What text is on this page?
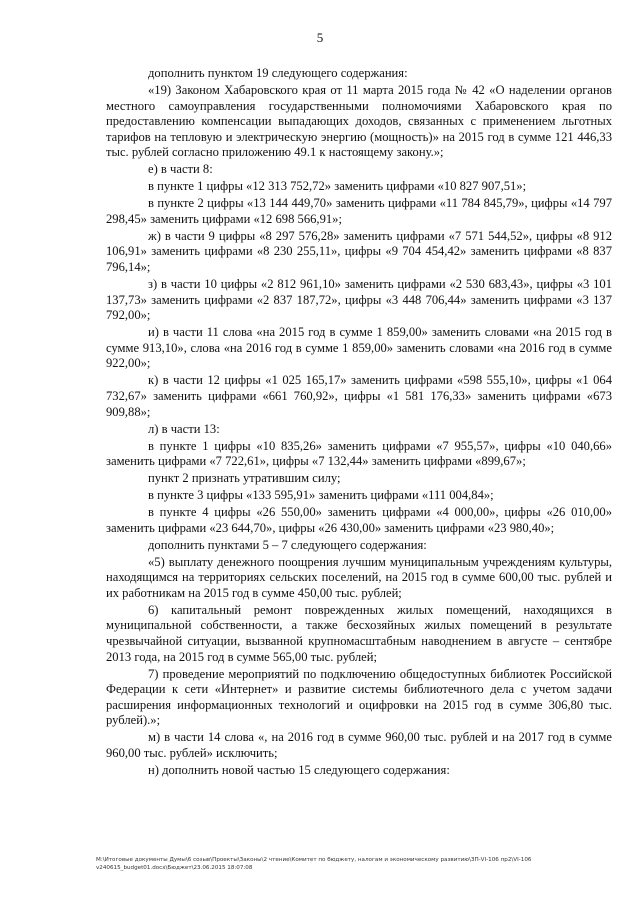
5

дополнить пунктом 19 следующего содержания:

«19) Законом Хабаровского края от 11 марта 2015 года № 42 «О наделении органов местного самоуправления государственными полномочиями Хабаровского края по предоставлению компенсации выпадающих доходов, связанных с применением льготных тарифов на тепловую и электрическую энергию (мощность)» на 2015 год в сумме 121 446,33 тыс. рублей согласно приложению 49.1 к настоящему закону.»;

е) в части 8:

в пункте 1 цифры «12 313 752,72» заменить цифрами «10 827 907,51»;

в пункте 2 цифры «13 144 449,70» заменить цифрами «11 784 845,79», цифры «14 797 298,45» заменить цифрами «12 698 566,91»;

ж) в части 9 цифры «8 297 576,28» заменить цифрами «7 571 544,52», цифры «8 912 106,91» заменить цифрами «8 230 255,11», цифры «9 704 454,42» заменить цифрами «8 837 796,14»;

з) в части 10 цифры «2 812 961,10» заменить цифрами «2 530 683,43», цифры «3 101 137,73» заменить цифрами «2 837 187,72», цифры «3 448 706,44» заменить цифрами «3 137 792,00»;

и) в части 11 слова «на 2015 год в сумме 1 859,00» заменить словами «на 2015 год в сумме 913,10», слова «на 2016 год в сумме 1 859,00» заменить словами «на 2016 год в сумме 922,00»;

к) в части 12 цифры «1 025 165,17» заменить цифрами «598 555,10», цифры «1 064 732,67» заменить цифрами «661 760,92», цифры «1 581 176,33» заменить цифрами «673 909,88»;

л) в части 13:

в пункте 1 цифры «10 835,26» заменить цифрами «7 955,57», цифры «10 040,66» заменить цифрами «7 722,61», цифры «7 132,44» заменить цифрами «899,67»;

пункт 2 признать утратившим силу;

в пункте 3 цифры «133 595,91» заменить цифрами «111 004,84»;

в пункте 4 цифры «26 550,00» заменить цифрами «4 000,00», цифры «26 010,00» заменить цифрами «23 644,70», цифры «26 430,00» заменить цифрами «23 980,40»;

дополнить пунктами 5 – 7 следующего содержания:

«5) выплату денежного поощрения лучшим муниципальным учреждениям культуры, находящимся на территориях сельских поселений, на 2015 год в сумме 600,00 тыс. рублей и их работникам на 2015 год в сумме 450,00 тыс. рублей;

6) капитальный ремонт поврежденных жилых помещений, находящихся в муниципальной собственности, а также бесхозяйных жилых помещений в результате чрезвычайной ситуации, вызванной крупномасштабным наводнением в августе – сентябре 2013 года, на 2015 год в сумме 565,00 тыс. рублей;

7) проведение мероприятий по подключению общедоступных библиотек Российской Федерации к сети «Интернет» и развитие системы библиотечного дела с учетом задачи расширения информационных технологий и оцифровки на 2015 год в сумме 306,80 тыс. рублей).»;

м) в части 14 слова «, на 2016 год в сумме 960,00 тыс. рублей и на 2017 год в сумме 960,00 тыс. рублей» исключить;

н) дополнить новой частью 15 следующего содержания:

M:\Итоговые документы Думы\6 созыв\Проекты\Законы\2 чтение\Комитет по бюджету, налогам и экономическому развитию\ЗП-VI-106 пр2\VI-106 v240615_budget01.docx\Бюджет\23.06.2015 18:07:08
